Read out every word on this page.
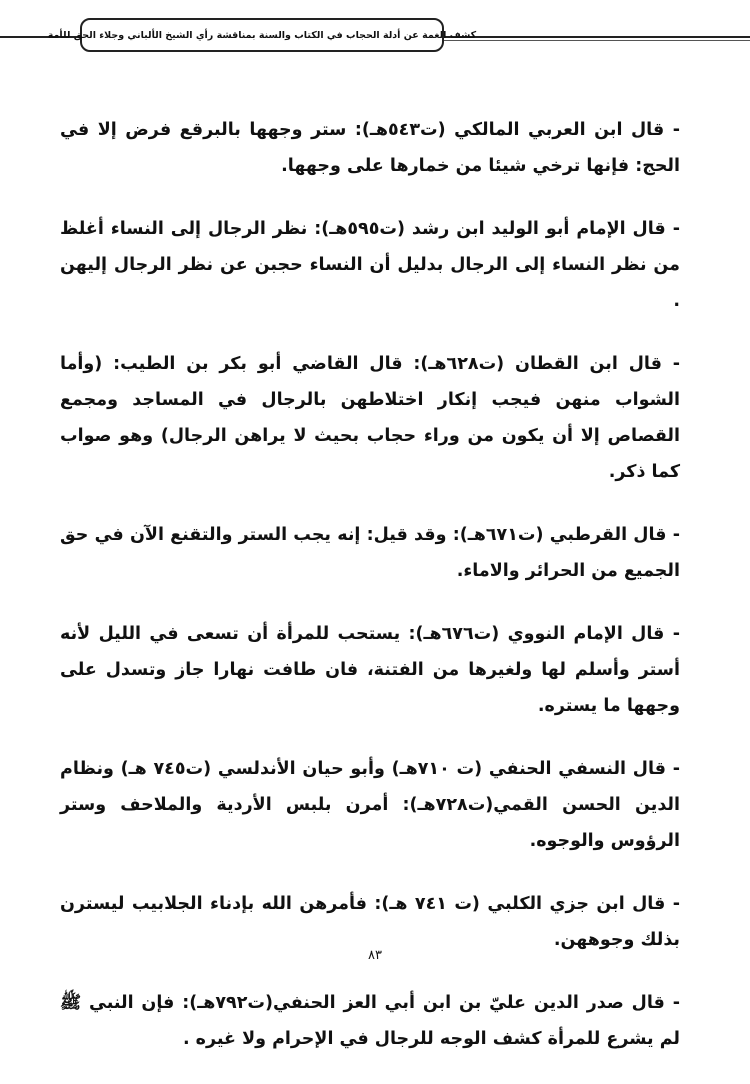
كشف الغمة عن أدلة الحجاب في الكتاب والسنة بمناقشة رأي الشيخ الألباني وجلاء الحق للأمة

- قال ابن العربي المالكي (ت٥٤٣هـ): ستر وجهها بالبرقع فرض إلا في الحج: فإنها ترخي شيئا من خمارها على وجهها.

- قال الإمام أبو الوليد ابن رشد (ت٥٩٥هـ): نظر الرجال إلى النساء أغلظ من نظر النساء إلى الرجال بدليل أن النساء حجبن عن نظر الرجال إليهن .

- قال ابن القطان (ت٦٢٨هـ): قال القاضي أبو بكر بن الطيب: (وأما الشواب منهن فيجب إنكار اختلاطهن بالرجال في المساجد ومجمع القصاص إلا أن يكون من وراء حجاب بحيث لا يراهن الرجال) وهو صواب كما ذكر.

- قال القرطبي (ت٦٧١هـ): وقد قيل: إنه يجب الستر والتقنع الآن في حق الجميع من الحرائر والاماء.

- قال الإمام النووي (ت٦٧٦هـ): يستحب للمرأة أن تسعى في الليل لأنه أستر وأسلم لها ولغيرها من الفتنة، فان طافت نهارا جاز وتسدل على وجهها ما يستره.

- قال النسفي الحنفي (ت ٧١٠هـ) وأبو حيان الأندلسي (ت٧٤٥ هـ) ونظام الدين الحسن القمي(ت٧٢٨هـ): أمرن بلبس الأردية والملاحف وستر الرؤوس والوجوه.

- قال ابن جزي الكلبي (ت ٧٤١ هـ): فأمرهن الله بإدناء الجلابيب ليسترن بذلك وجوههن.

- قال صدر الدين عليّ بن ابن أبي العز الحنفي(ت٧٩٢هـ): فإن النبي ﷺ لم يشرع للمرأة كشف الوجه للرجال في الإحرام ولا غيره .

٨٣
